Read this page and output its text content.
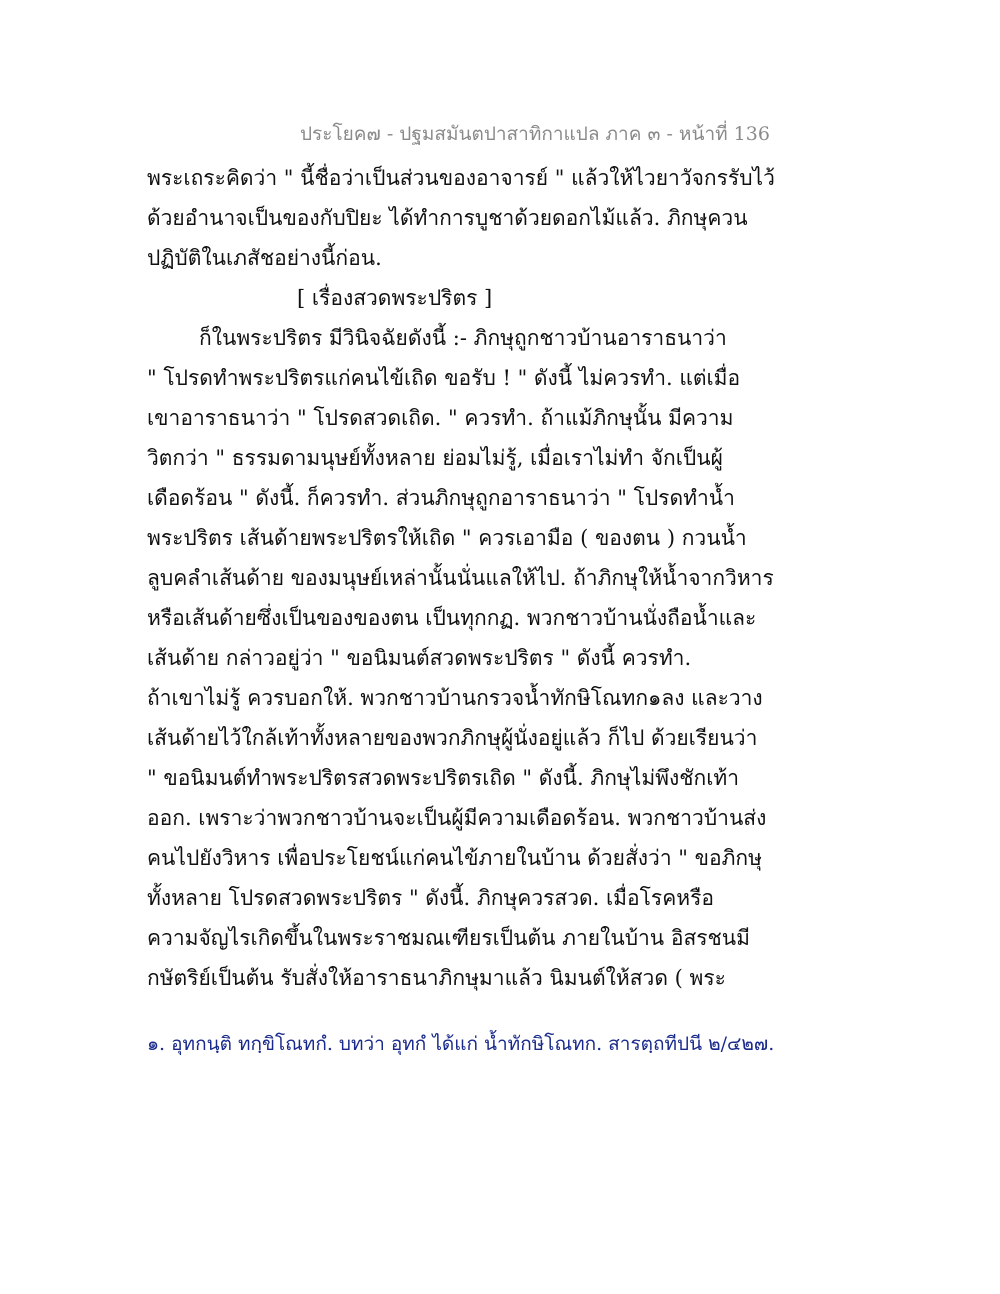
ประโยค๗ - ปฐมสมันตปาสาทิกาแปล ภาค ๓ - หน้าที่ 136
พระเถระคิดว่า " นี้ชื่อว่าเป็นส่วนของอาจารย์ " แล้วให้ไวยาวัจกรรับไว้
ด้วยอำนาจเป็นของกับปิยะ ได้ทำการบูชาด้วยดอกไม้แล้ว. ภิกษุควน
ปฏิบัติในเภสัชอย่างนี้ก่อน.
[ เรื่องสวดพระปริตร ]
ก็ในพระปริตร มีวินิจฉัยดังนี้ :- ภิกษุถูกชาวบ้านอาราธนาว่า
" โปรดทำพระปริตรแก่คนไข้เถิด ขอรับ ! " ดังนี้ ไม่ควรทำ. แต่เมื่อ
เขาอาราธนาว่า " โปรดสวดเถิด. " ควรทำ. ถ้าแม้ภิกษุนั้น มีความ
วิตกว่า " ธรรมดามนุษย์ทั้งหลาย ย่อมไม่รู้, เมื่อเราไม่ทำ จักเป็นผู้
เดือดร้อน " ดังนี้. ก็ควรทำ. ส่วนภิกษุถูกอาราธนาว่า " โปรดทำน้ำ
พระปริตร เส้นด้ายพระปริตรให้เถิด " ควรเอามือ ( ของตน ) กวนน้ำ
ลูบคลำเส้นด้าย ของมนุษย์เหล่านั้นนั่นแลให้ไป. ถ้าภิกษุให้น้ำจากวิหาร
หรือเส้นด้ายซึ่งเป็นของของตน เป็นทุกกฏ. พวกชาวบ้านนั่งถือน้ำและ
เส้นด้าย กล่าวอยู่ว่า " ขอนิมนต์สวดพระปริตร " ดังนี้ ควรทำ.
ถ้าเขาไม่รู้ ควรบอกให้. พวกชาวบ้านกรวจน้ำทักษิโณทก๑ลง และวาง
เส้นด้ายไว้ใกล้เท้าทั้งหลายของพวกภิกษุผู้นั่งอยู่แล้ว ก็ไป ด้วยเรียนว่า
" ขอนิมนต์ทำพระปริตรสวดพระปริตรเถิด " ดังนี้. ภิกษุไม่พึงชักเท้า
ออก. เพราะว่าพวกชาวบ้านจะเป็นผู้มีความเดือดร้อน. พวกชาวบ้านส่ง
คนไปยังวิหาร เพื่อประโยชน์แก่คนไข้ภายในบ้าน ด้วยสั่งว่า " ขอภิกษุ
ทั้งหลาย โปรดสวดพระปริตร " ดังนี้. ภิกษุควรสวด. เมื่อโรคหรือ
ความจัญไรเกิดขึ้นในพระราชมณเฑียรเป็นต้น ภายในบ้าน อิสรชนมี
กษัตริย์เป็นต้น รับสั่งให้อาราธนาภิกษุมาแล้ว นิมนต์ให้สวด ( พระ
๑. อุทกนฺติ ทกฺขิโณทกํ. บทว่า อุทกํ ได้แก่ น้ำทักษิโณทก. สารตฺถทีปนี ๒/๔๒๗.
